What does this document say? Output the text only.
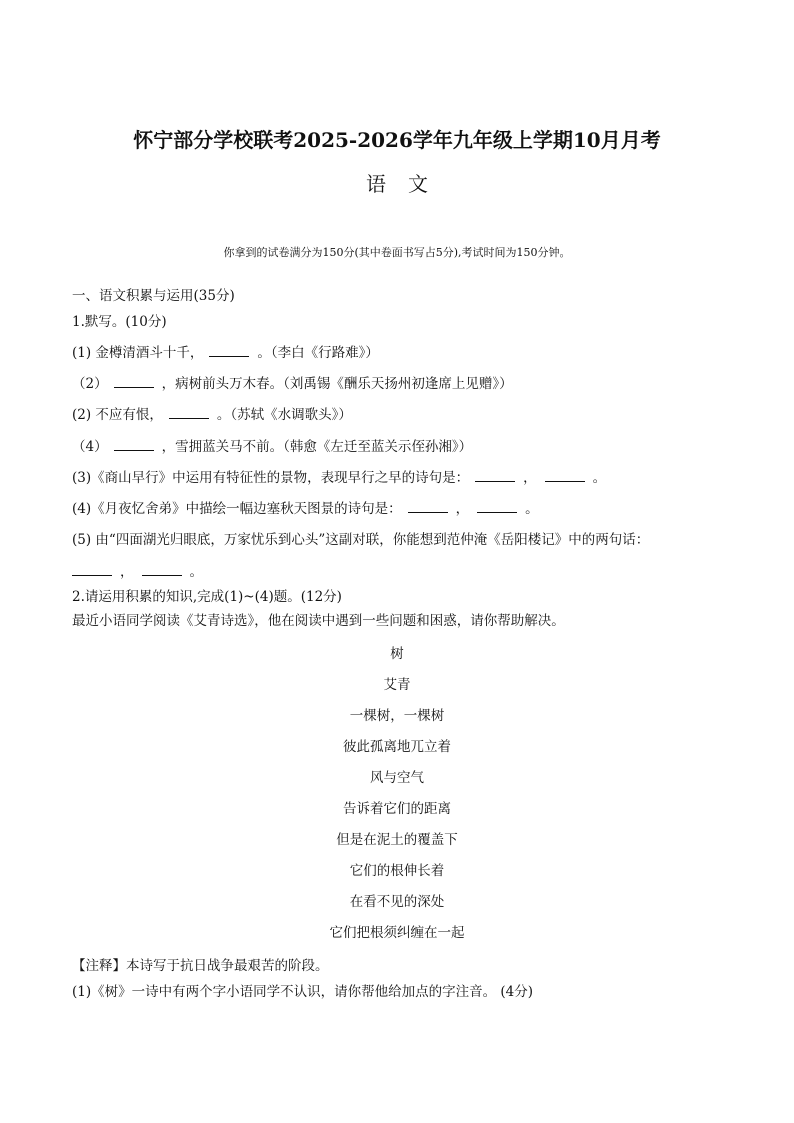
怀宁部分学校联考2025-2026学年九年级上学期10月月考
语文
你拿到的试卷满分为150分(其中卷面书写占5分),考试时间为150分钟。
一、语文积累与运用(35分)
1.默写。(10分)
(1) 金樽清酒斗十千，	。（李白《行路难》）
（2）	，病树前头万木春。（刘禹锡《酬乐天扬州初逢席上见赠》）
(2) 不应有恨，	。（苏轼《水调歌头》）
（4）	，雪拥蓝关马不前。（韩愈《左迁至蓝关示侄孙湘》）
(3)《商山早行》中运用有特征性的景物，表现早行之早的诗句是：	，	。
(4)《月夜忆舍弟》中描绘一幅边塞秋天图景的诗句是：	，	。
(5) 由“四面湖光归眼底，万家忧乐到心头”这副对联，你能想到范仲淹《岳阳楼记》中的两句话：
，	。
2.请运用积累的知识,完成(1)~(4)题。(12分)
最近小语同学阅读《艾青诗选》，他在阅读中遇到一些问题和困惑，请你帮助解决。
树
艾青
一棵树，一棵树
彼此孤离地兀立着
风与空气
告诉着它们的距离
但是在泥土的覆盖下
它们的根伸长着
在看不见的深处
它们把根须纠缠在一起
【注释】本诗写于抗日战争最艰苦的阶段。
(1)《树》一诗中有两个字小语同学不认识，请你帮他给加点的字注音。 (4分)
